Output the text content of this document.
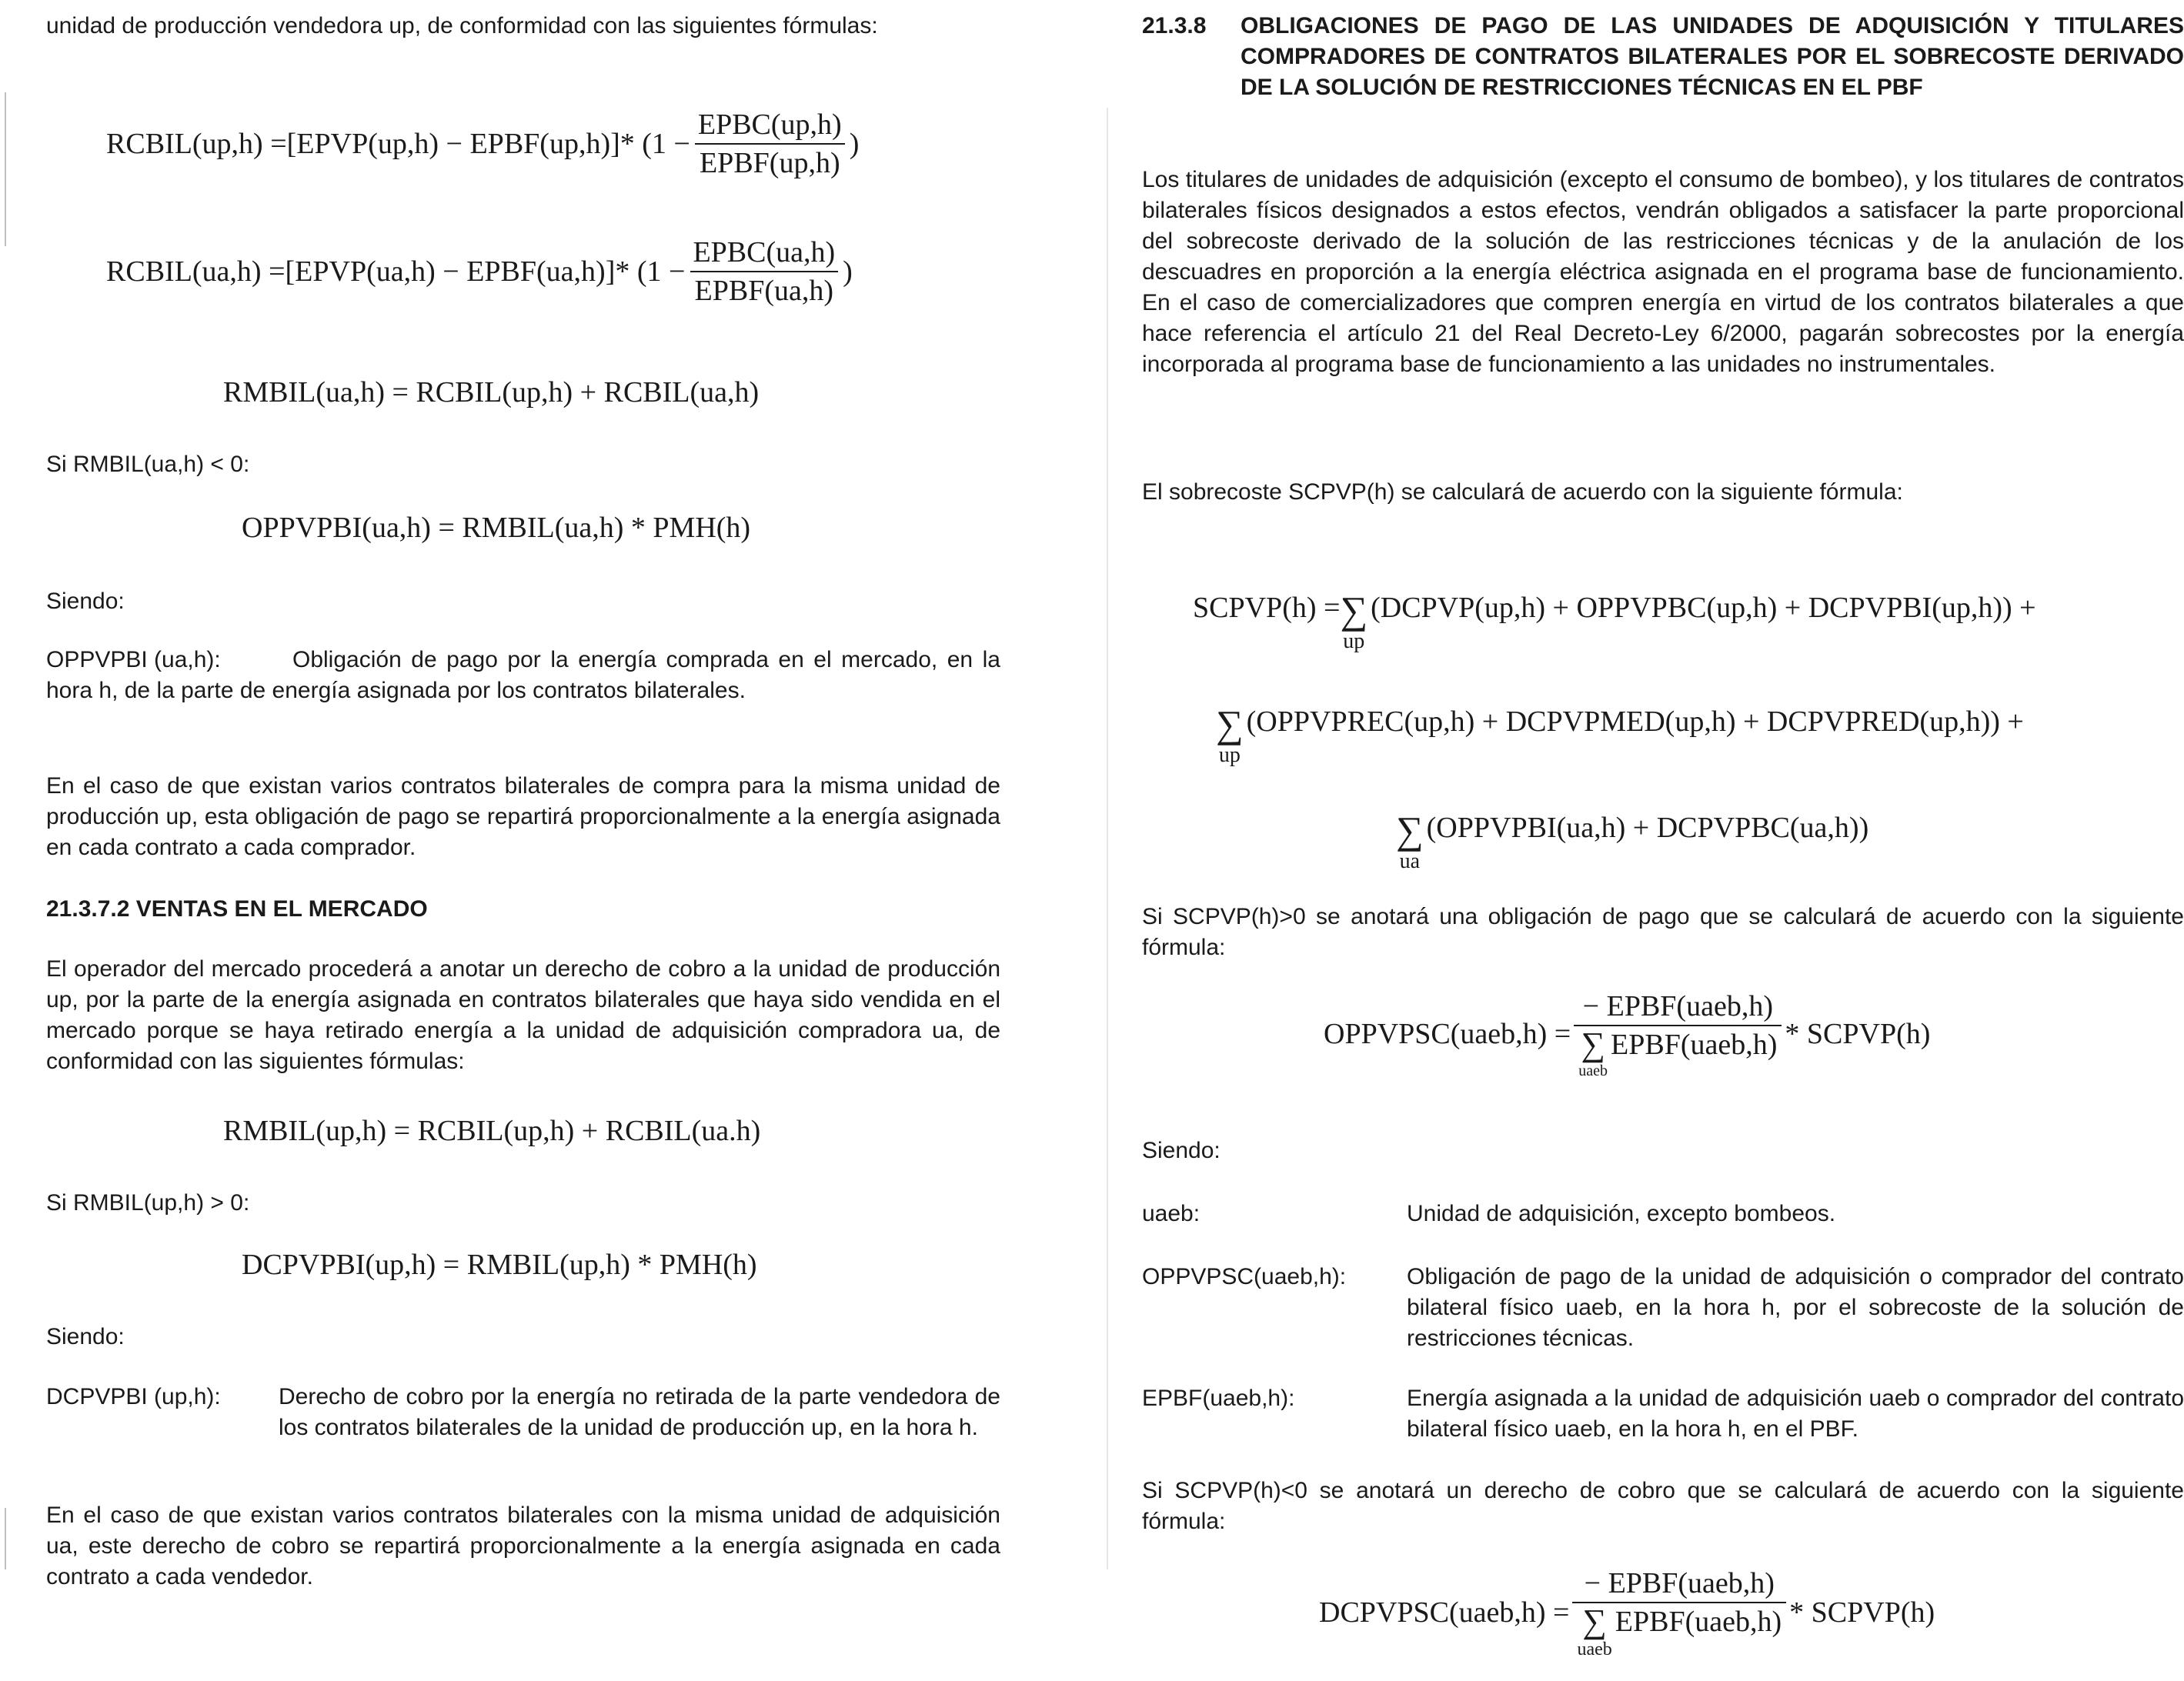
unidad de producción vendedora up, de conformidad con las siguientes fórmulas:
RCBIL(up,h) = [EPVP(up,h) − EPBF(up,h)]* ($1 - \frac{\text{EPBC(up,h)}}{\text{EPBF(up,h)}}$ )
RCBIL(ua,h) = [EPVP(ua,h) − EPBF(ua,h)]* ($1 - \frac{\text{EPBC(ua,h)}}{\text{EPBF(ua,h)}}$ )
RMBIL(ua,h) = RCBIL(up,h) + RCBIL(ua,h)
Si RMBIL(ua,h) < 0:
OPPVPBI(ua,h) = RMBIL(ua,h) * PMH(h)
Siendo:
OPPVPBI (ua,h):	Obligación de pago por la energía comprada en el mercado, en la hora h, de la parte de energía asignada por los contratos bilaterales.
En el caso de que existan varios contratos bilaterales de compra para la misma unidad de producción up, esta obligación de pago se repartirá proporcionalmente a la energía asignada en cada contrato a cada comprador.
21.3.7.2 VENTAS EN EL MERCADO
El operador del mercado procederá a anotar un derecho de cobro a la unidad de producción up, por la parte de la energía asignada en contratos bilaterales que haya sido vendida en el mercado porque se haya retirado energía a la unidad de adquisición compradora ua, de conformidad con las siguientes fórmulas:
RMBIL(up,h) = RCBIL(up,h) + RCBIL(ua.h)
Si RMBIL(up,h) > 0:
DCPVPBI(up,h) = RMBIL(up,h) * PMH(h)
Siendo:
DCPVPBI (up,h):	Derecho de cobro por la energía no retirada de la parte vendedora de los contratos bilaterales de la unidad de producción up, en la hora h.
En el caso de que existan varios contratos bilaterales con la misma unidad de adquisición ua, este derecho de cobro se repartirá proporcionalmente a la energía asignada en cada contrato a cada vendedor.
21.3.8 OBLIGACIONES DE PAGO DE LAS UNIDADES DE ADQUISICIÓN Y TITULARES COMPRADORES DE CONTRATOS BILATERALES POR EL SOBRECOSTE DERIVADO DE LA SOLUCIÓN DE RESTRICCIONES TÉCNICAS EN EL PBF
Los titulares de unidades de adquisición (excepto el consumo de bombeo), y los titulares de contratos bilaterales físicos designados a estos efectos, vendrán obligados a satisfacer la parte proporcional del sobrecoste derivado de la solución de las restricciones técnicas y de la anulación de los descuadres en proporción a la energía eléctrica asignada en el programa base de funcionamiento. En el caso de comercializadores que compren energía en virtud de los contratos bilaterales a que hace referencia el artículo 21 del Real Decreto-Ley 6/2000, pagarán sobrecostes por la energía incorporada al programa base de funcionamiento a las unidades no instrumentales.
El sobrecoste SCPVP(h) se calculará de acuerdo con la siguiente fórmula:
SCPVP(h) = ∑
up
(DCPVP(up,h) + OPPVPBC(up,h) + DCPVPBI(up,h)) +
∑
up
(OPPVPREC(up,h) + DCPVPMED(up,h) + DCPVPRED(up,h)) +
∑
ua
(OPPVPBI(ua,h) + DCPVPBC(ua,h))
Si SCPVP(h)>0 se anotará una obligación de pago que se calculará de acuerdo con la siguiente fórmula:
OPPVPSC(uaeb,h) = − EPBF(uaeb,h)
∑
uaeb
EPBF(uaeb,h) * SCPVP(h)
Siendo:
uaeb:	Unidad de adquisición, excepto bombeos.
OPPVPSC(uaeb,h):	Obligación de pago de la unidad de adquisición o comprador del contrato bilateral físico uaeb, en la hora h, por el sobrecoste de la solución de restricciones técnicas.
EPBF(uaeb,h):	Energía asignada a la unidad de adquisición uaeb o comprador del contrato bilateral físico uaeb, en la hora h, en el PBF.
Si SCPVP(h)<0 se anotará un derecho de cobro que se calculará de acuerdo con la siguiente fórmula:
DCPVPSC(uaeb,h) = − EPBF(uaeb,h)
∑
uaeb
EPBF(uaeb,h) * SCPVP(h)
